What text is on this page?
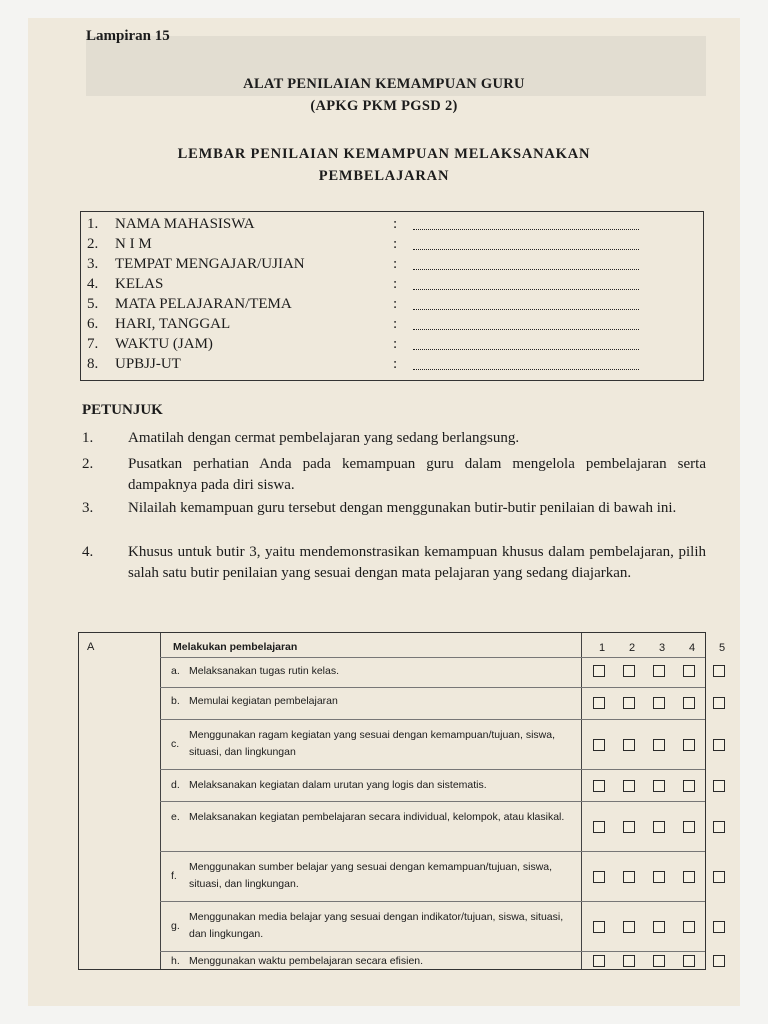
Lampiran 15
ALAT PENILAIAN KEMAMPUAN GURU
(APKG PKM PGSD 2)
LEMBAR PENILAIAN KEMAMPUAN MELAKSANAKAN
PEMBELAJARAN
1.	NAMA MAHASISWA	:
2.	N I M	:
3.	TEMPAT MENGAJAR/UJIAN	:
4.	KELAS	:
5.	MATA PELAJARAN/TEMA	:
6.	HARI, TANGGAL	:
7.	WAKTU (JAM)	:
8.	UPBJJ-UT	:
PETUNJUK
1.	Amatilah dengan cermat pembelajaran yang sedang berlangsung.
2.	Pusatkan perhatian Anda pada kemampuan guru dalam mengelola pembelajaran serta dampaknya pada diri siswa.
3.	Nilailah kemampuan guru tersebut dengan menggunakan butir-butir penilaian di bawah ini.
4.	Khusus untuk butir 3, yaitu mendemonstrasikan kemampuan khusus dalam pembelajaran, pilih salah satu butir penilaian yang sesuai dengan mata pelajaran yang sedang diajarkan.
A	Melakukan pembelajaran	1	2	3	4	5
a. Melaksanakan tugas rutin kelas.
b. Memulai kegiatan pembelajaran
c.
Menggunakan ragam kegiatan yang sesuai dengan kemampuan/tujuan, siswa, situasi, dan lingkungan
d. Melaksanakan kegiatan dalam urutan yang logis dan sistematis.
e. Melaksanakan kegiatan pembelajaran secara individual, kelompok, atau klasikal.
f.
Menggunakan sumber belajar yang sesuai dengan kemampuan/tujuan, siswa, situasi, dan lingkungan.
g.
Menggunakan media belajar yang sesuai dengan indikator/tujuan, siswa, situasi, dan lingkungan.
h. Menggunakan waktu pembelajaran secara efisien.
